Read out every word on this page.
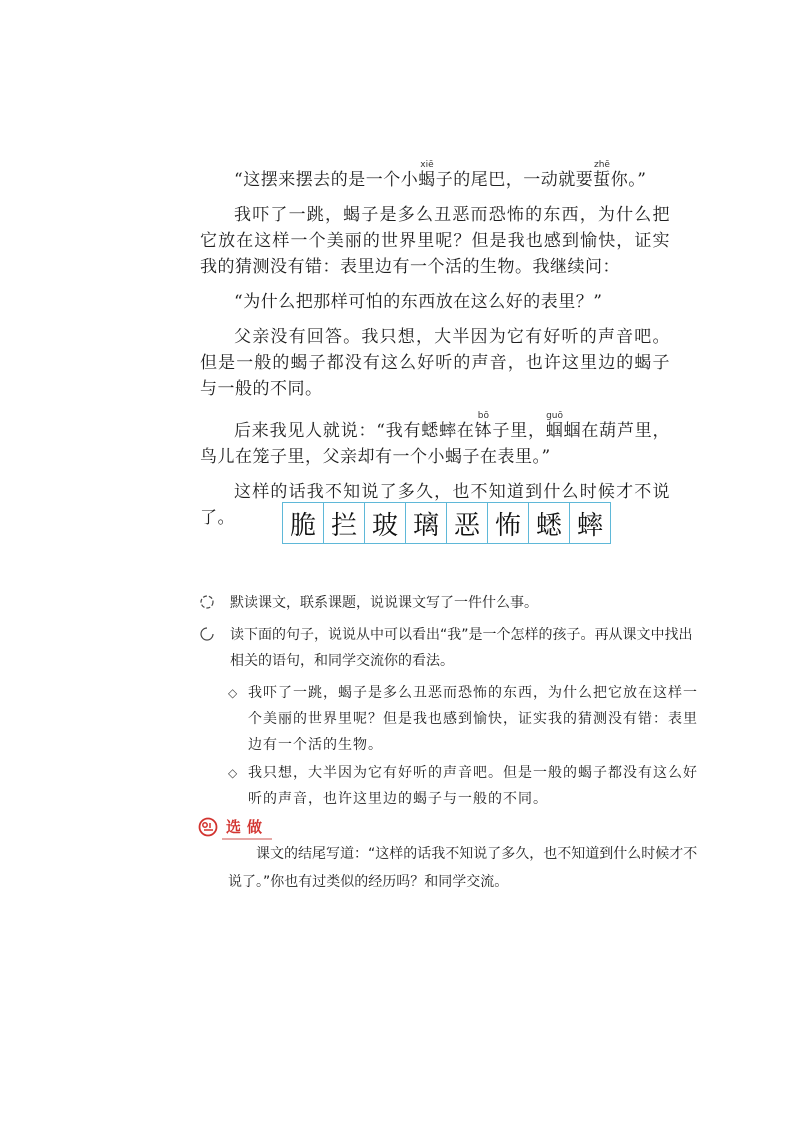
“这摆来摆去的是一个小蝎xiē子的尾巴，一动就要蜇zhē你。”

我吓了一跳，蝎子是多么丑恶而恐怖的东西，为什么把它放在这样一个美丽的世界里呢？但是我也感到愉快，证实我的猜测没有错：表里边有一个活的生物。我继续问：

“为什么把那样可怕的东西放在这么好的表里？”

父亲没有回答。我只想，大半因为它有好听的声音吧。但是一般的蝎子都没有这么好听的声音，也许这里边的蝎子与一般的不同。

后来我见人就说：“我有蟋蟀在钵bō子里，蝈guō蝈在葫芦里，鸟儿在笼子里，父亲却有一个小蝎子在表里。”

这样的话我不知说了多久，也不知道到什么时候才不说了。	脆 拦 玻 璃 恶 怖 蟋 蟀
默读课文，联系课题，说说课文写了一件什么事。
读下面的句子，说说从中可以看出“我”是一个怎样的孩子。再从课文中找出相关的语句，和同学交流你的看法。
◇ 我吓了一跳，蝎子是多么丑恶而恐怖的东西，为什么把它放在这样一个美丽的世界里呢？但是我也感到愉快，证实我的猜测没有错：表里边有一个活的生物。
◇ 我只想，大半因为它有好听的声音吧。但是一般的蝎子都没有这么好听的声音，也许这里边的蝎子与一般的不同。
选做
课文的结尾写道：“这样的话我不知说了多久，也不知道到什么时候才不说了。”你也有过类似的经历吗？和同学交流。
